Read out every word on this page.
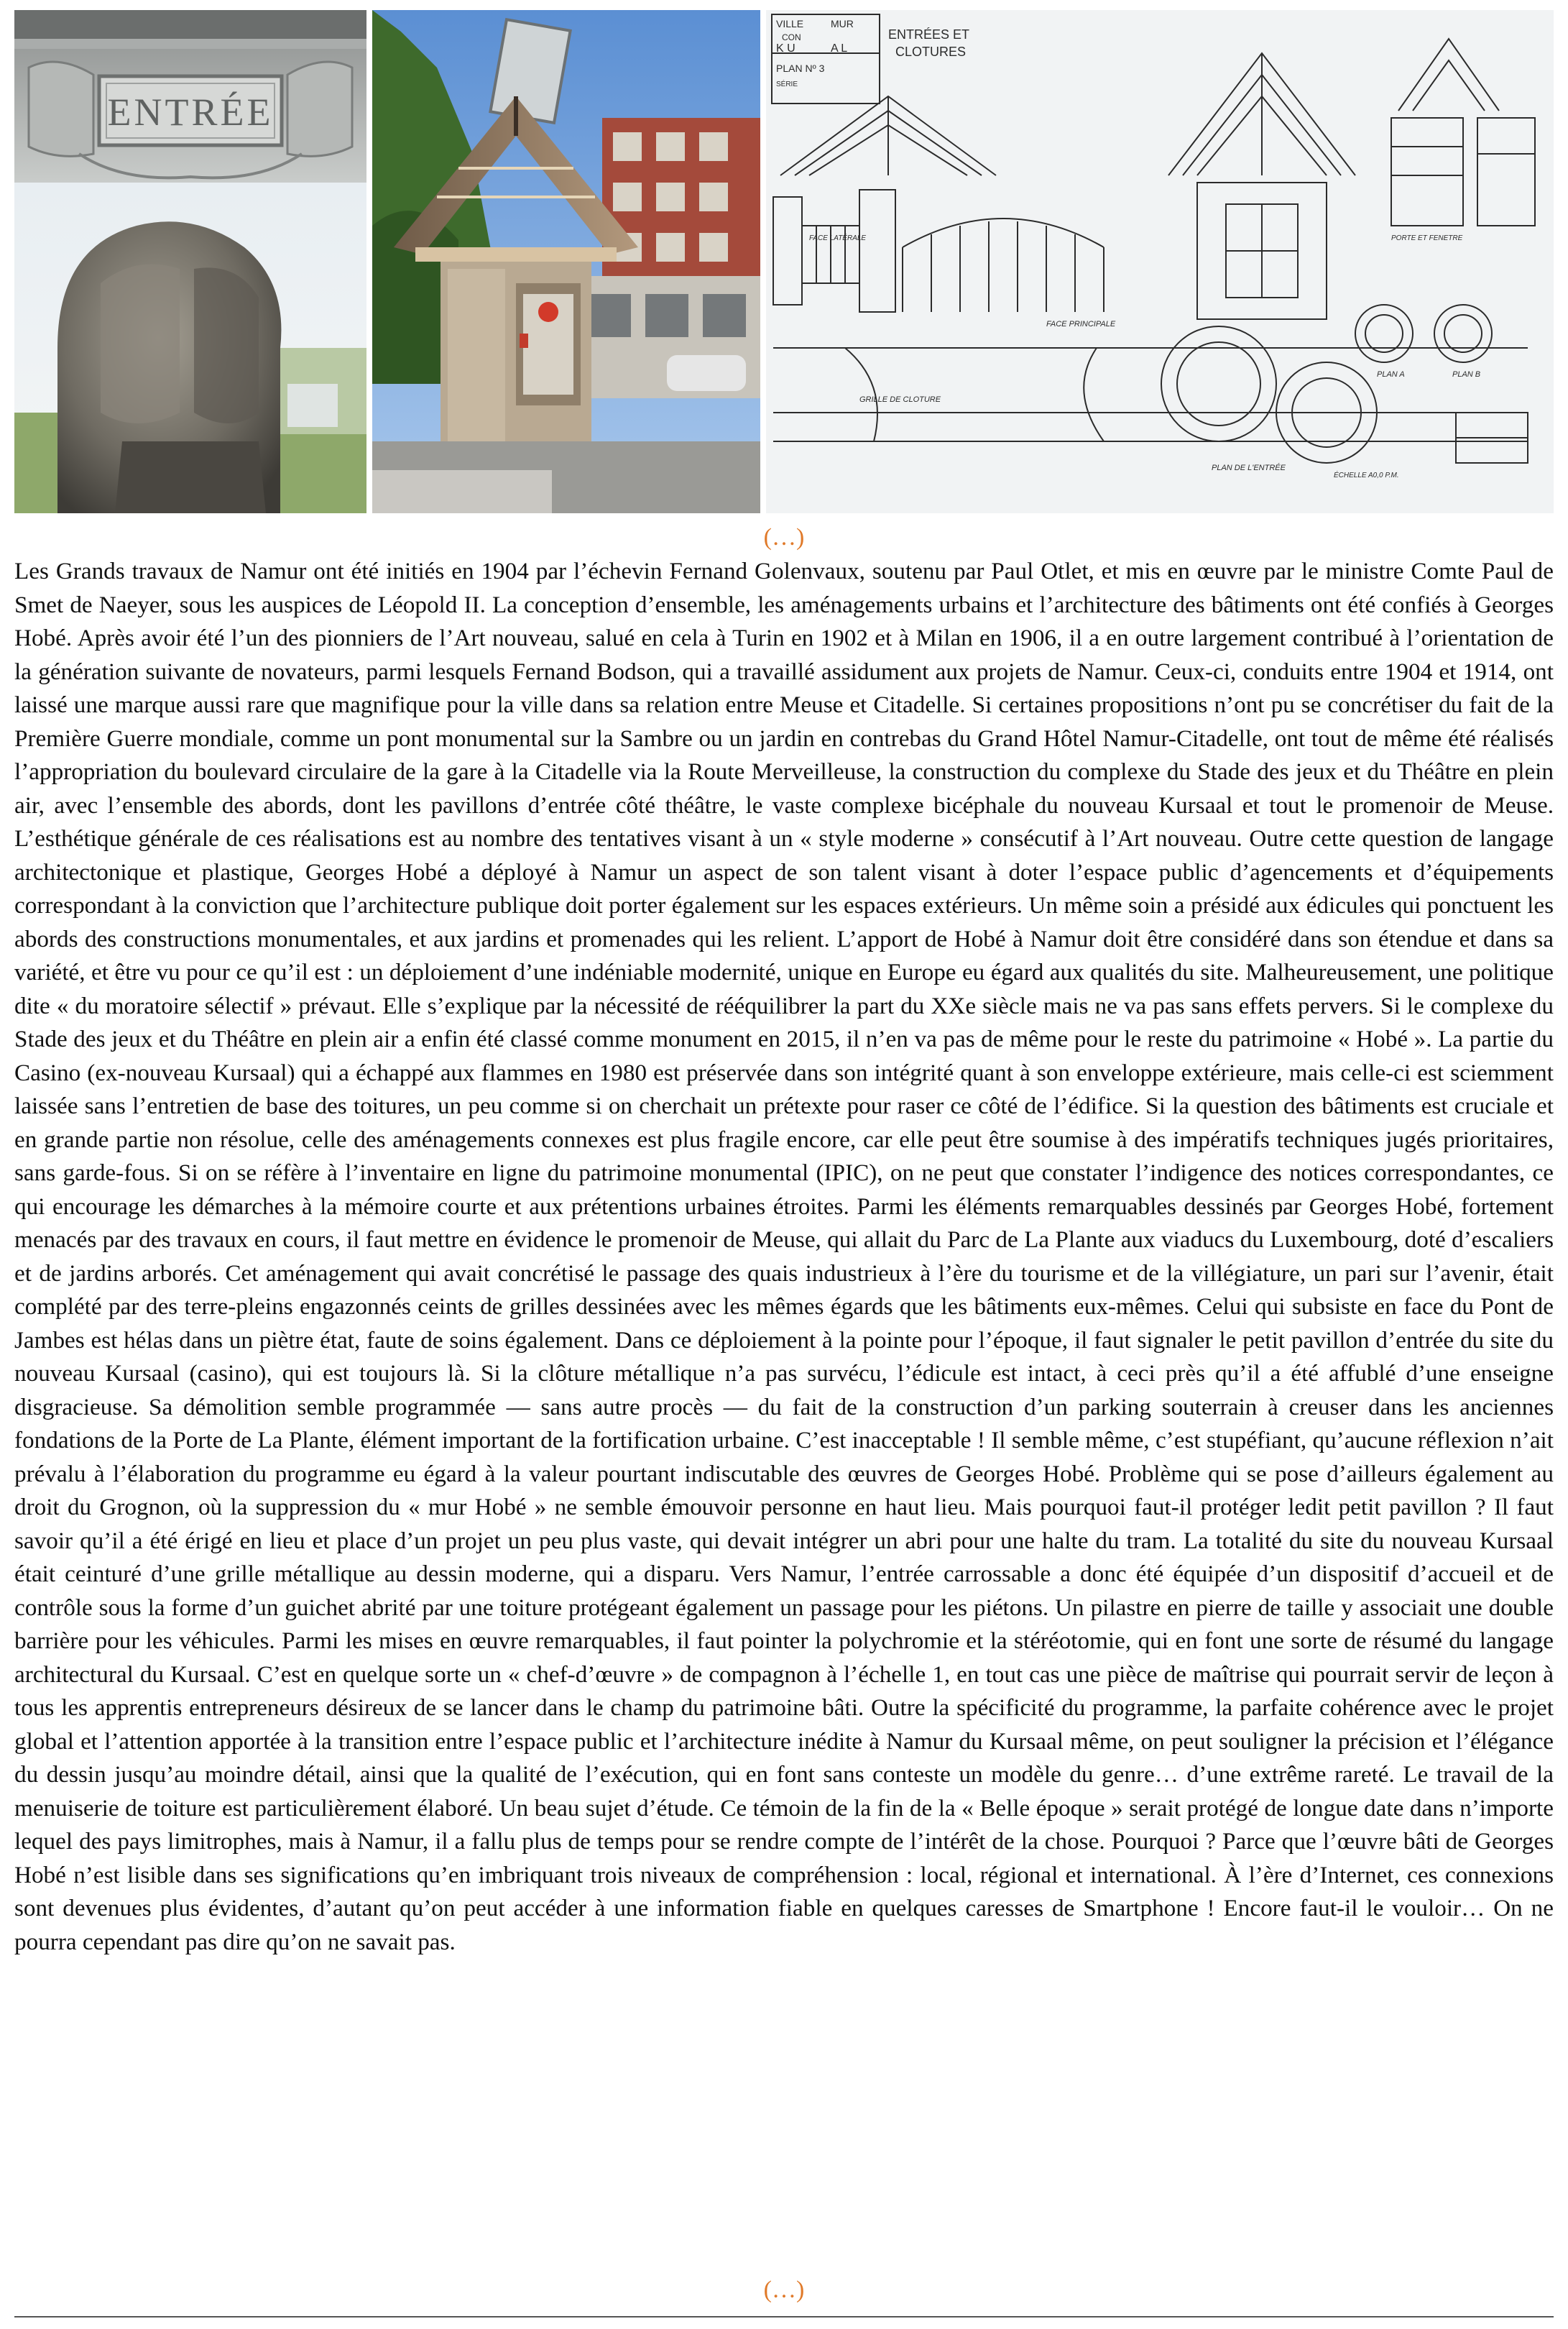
ENTRÉE
VILLE	MUR
CON
K U	A L
PLAN Nº 3
SÉRIE
ENTRÉES ET
CLOTURES
FACE LATÉRALE
FACE PRINCIPALE
GRILLE DE CLOTURE
PLAN DE L'ENTRÉE
PLAN A	PLAN B
PORTE ET FENETRE
ÉCHELLE A0,0 P.M.
(…)

Les Grands travaux de Namur ont été initiés en 1904 par l’échevin Fernand Golenvaux, soutenu par Paul Otlet, et mis en œuvre par le ministre Comte Paul de Smet de Naeyer, sous les auspices de Léopold II. La conception d’ensemble, les aménagements urbains et l’architecture des bâtiments ont été confiés à Georges Hobé. Après avoir été l’un des pionniers de l’Art nouveau, salué en cela à Turin en 1902 et à Milan en 1906, il a en outre largement contribué à l’orientation de la génération suivante de novateurs, parmi lesquels Fernand Bodson, qui a travaillé assidument aux projets de Namur. Ceux-ci, conduits entre 1904 et 1914, ont laissé une marque aussi rare que magnifique pour la ville dans sa relation entre Meuse et Citadelle. Si certaines propositions n’ont pu se concrétiser du fait de la Première Guerre mondiale, comme un pont monumental sur la Sambre ou un jardin en contrebas du Grand Hôtel Namur-Citadelle, ont tout de même été réalisés l’appropriation du boulevard circulaire de la gare à la Citadelle via la Route Merveilleuse, la construction du complexe du Stade des jeux et du Théâtre en plein air, avec l’ensemble des abords, dont les pavillons d’entrée côté théâtre, le vaste complexe bicéphale du nouveau Kursaal et tout le promenoir de Meuse. L’esthétique générale de ces réalisations est au nombre des tentatives visant à un « style moderne » consécutif à l’Art nouveau. Outre cette question de langage architectonique et plastique, Georges Hobé a déployé à Namur un aspect de son talent visant à doter l’espace public d’agencements et d’équipements correspondant à la conviction que l’architecture publique doit porter également sur les espaces extérieurs. Un même soin a présidé aux édicules qui ponctuent les abords des constructions monumentales, et aux jardins et promenades qui les relient. L’apport de Hobé à Namur doit être considéré dans son étendue et dans sa variété, et être vu pour ce qu’il est : un déploiement d’une indéniable modernité, unique en Europe eu égard aux qualités du site. Malheureusement, une politique dite « du moratoire sélectif » prévaut. Elle s’explique par la nécessité de rééquilibrer la part du XXe siècle mais ne va pas sans effets pervers. Si le complexe du Stade des jeux et du Théâtre en plein air a enfin été classé comme monument en 2015, il n’en va pas de même pour le reste du patrimoine « Hobé ». La partie du Casino (ex-nouveau Kursaal) qui a échappé aux flammes en 1980 est préservée dans son intégrité quant à son enveloppe extérieure, mais celle-ci est sciemment laissée sans l’entretien de base des toitures, un peu comme si on cherchait un prétexte pour raser ce côté de l’édifice. Si la question des bâtiments est cruciale et en grande partie non résolue, celle des aménagements connexes est plus fragile encore, car elle peut être soumise à des impératifs techniques jugés prioritaires, sans garde-fous. Si on se réfère à l’inventaire en ligne du patrimoine monumental (IPIC), on ne peut que constater l’indigence des notices correspondantes, ce qui encourage les démarches à la mémoire courte et aux prétentions urbaines étroites. Parmi les éléments remarquables dessinés par Georges Hobé, fortement menacés par des travaux en cours, il faut mettre en évidence le promenoir de Meuse, qui allait du Parc de La Plante aux viaducs du Luxembourg, doté d’escaliers et de jardins arborés. Cet aménagement qui avait concrétisé le passage des quais industrieux à l’ère du tourisme et de la villégiature, un pari sur l’avenir, était complété par des terre-pleins engazonnés ceints de grilles dessinées avec les mêmes égards que les bâtiments eux-mêmes. Celui qui subsiste en face du Pont de Jambes est hélas dans un piètre état, faute de soins également. Dans ce déploiement à la pointe pour l’époque, il faut signaler le petit pavillon d’entrée du site du nouveau Kursaal (casino), qui est toujours là. Si la clôture métallique n’a pas survécu, l’édicule est intact, à ceci près qu’il a été affublé d’une enseigne disgracieuse. Sa démolition semble programmée — sans autre procès — du fait de la construction d’un parking souterrain à creuser dans les anciennes fondations de la Porte de La Plante, élément important de la fortification urbaine. C’est inacceptable ! Il semble même, c’est stupéfiant, qu’aucune réflexion n’ait prévalu à l’élaboration du programme eu égard à la valeur pourtant indiscutable des œuvres de Georges Hobé. Problème qui se pose d’ailleurs également au droit du Grognon, où la suppression du « mur Hobé » ne semble émouvoir personne en haut lieu. Mais pourquoi faut-il protéger ledit petit pavillon ? Il faut savoir qu’il a été érigé en lieu et place d’un projet un peu plus vaste, qui devait intégrer un abri pour une halte du tram. La totalité du site du nouveau Kursaal était ceinturé d’une grille métallique au dessin moderne, qui a disparu. Vers Namur, l’entrée carrossable a donc été équipée d’un dispositif d’accueil et de contrôle sous la forme d’un guichet abrité par une toiture protégeant également un passage pour les piétons. Un pilastre en pierre de taille y associait une double barrière pour les véhicules. Parmi les mises en œuvre remarquables, il faut pointer la polychromie et la stéréotomie, qui en font une sorte de résumé du langage architectural du Kursaal. C’est en quelque sorte un « chef-d’œuvre » de compagnon à l’échelle 1, en tout cas une pièce de maîtrise qui pourrait servir de leçon à tous les apprentis entrepreneurs désireux de se lancer dans le champ du patrimoine bâti. Outre la spécificité du programme, la parfaite cohérence avec le projet global et l’attention apportée à la transition entre l’espace public et l’architecture inédite à Namur du Kursaal même, on peut souligner la précision et l’élégance du dessin jusqu’au moindre détail, ainsi que la qualité de l’exécution, qui en font sans conteste un modèle du genre… d’une extrême rareté. Le travail de la menuiserie de toiture est particulièrement élaboré. Un beau sujet d’étude. Ce témoin de la fin de la « Belle époque » serait protégé de longue date dans n’importe lequel des pays limitrophes, mais à Namur, il a fallu plus de temps pour se rendre compte de l’intérêt de la chose. Pourquoi ? Parce que l’œuvre bâti de Georges Hobé n’est lisible dans ses significations qu’en imbriquant trois niveaux de compréhension : local, régional et international. À l’ère d’Internet, ces connexions sont devenues plus évidentes, d’autant qu’on peut accéder à une information fiable en quelques caresses de Smartphone ! Encore faut-il le vouloir… On ne pourra cependant pas dire qu’on ne savait pas.

(…)
